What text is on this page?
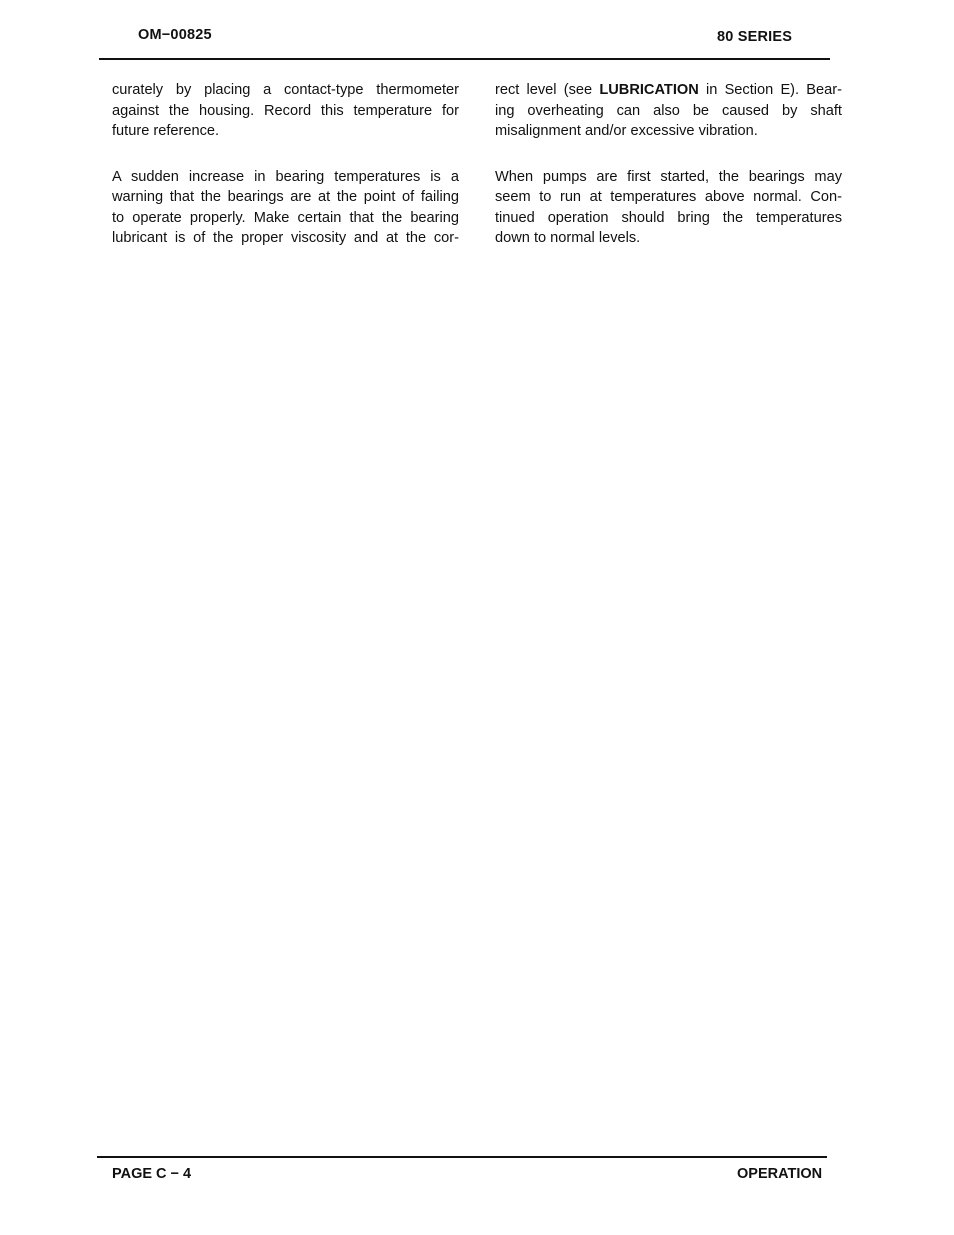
OM−00825	80 SERIES

curately by placing a contact-type thermometer
against the housing. Record this temperature for
future reference.

A sudden increase in bearing temperatures is a
warning that the bearings are at the point of failing
to operate properly. Make certain that the bearing
lubricant is of the proper viscosity and at the cor-

rect level (see LUBRICATION in Section E). Bear-
ing overheating can also be caused by shaft
misalignment and/or excessive vibration.

When pumps are first started, the bearings may
seem to run at temperatures above normal. Con-
tinued operation should bring the temperatures
down to normal levels.

PAGE C − 4	OPERATION
